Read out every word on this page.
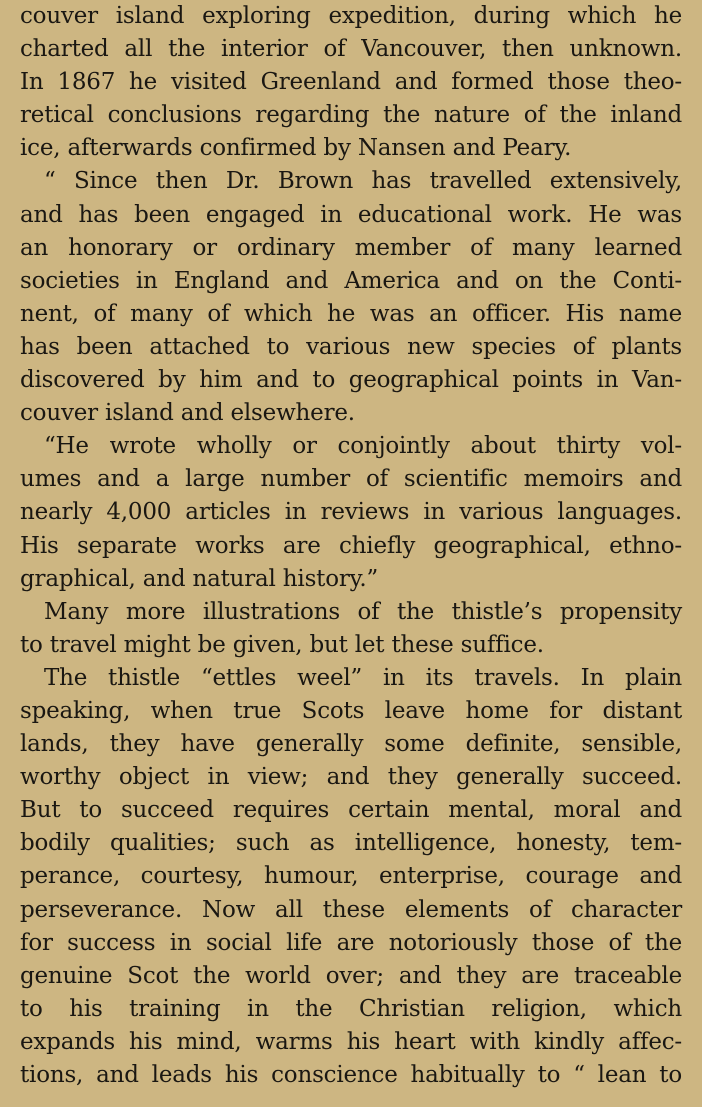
couver island exploring expedition, during which he
charted all the interior of Vancouver, then unknown.
In 1867 he visited Greenland and formed those theo-
retical conclusions regarding the nature of the inland
ice, afterwards confirmed by Nansen and Peary.
“ Since then Dr. Brown has travelled extensively,
and has been engaged in educational work. He was
an honorary or ordinary member of many learned
societies in England and America and on the Conti-
nent, of many of which he was an officer. His name
has been attached to various new species of plants
discovered by him and to geographical points in Van-
couver island and elsewhere.
“He wrote wholly or conjointly about thirty vol-
umes and a large number of scientific memoirs and
nearly 4,000 articles in reviews in various languages.
His separate works are chiefly geographical, ethno-
graphical, and natural history.”
Many more illustrations of the thistle’s propensity
to travel might be given, but let these suffice.
The thistle “ettles weel” in its travels. In plain
speaking, when true Scots leave home for distant
lands, they have generally some definite, sensible,
worthy object in view; and they generally succeed.
But to succeed requires certain mental, moral and
bodily qualities; such as intelligence, honesty, tem-
perance, courtesy, humour, enterprise, courage and
perseverance. Now all these elements of character
for success in social life are notoriously those of the
genuine Scot the world over; and they are traceable
to his training in the Christian religion, which
expands his mind, warms his heart with kindly affec-
tions, and leads his conscience habitually to “ lean to
